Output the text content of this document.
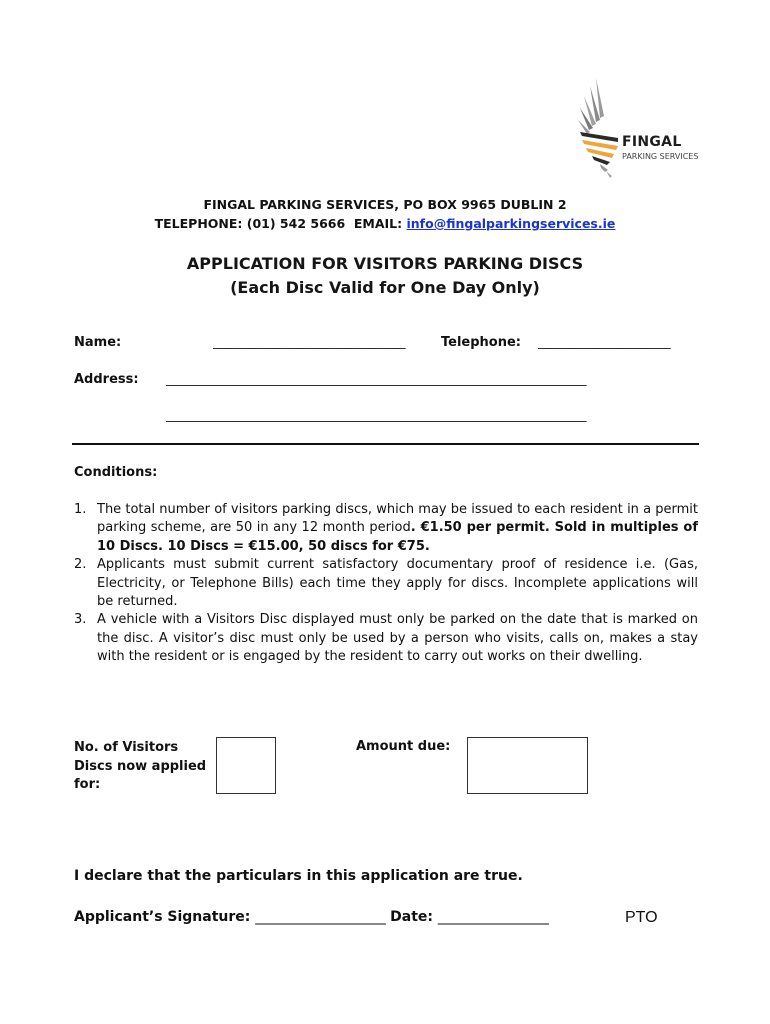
FINGAL
PARKING SERVICES
FINGAL PARKING SERVICES, PO BOX 9965 DUBLIN 2
TELEPHONE: (01) 542 5666  EMAIL: info@fingalparkingservices.ie
APPLICATION FOR VISITORS PARKING DISCS
(Each Disc Valid for One Day Only)
Name:	________________________________	Telephone: ______________________
Address: ______________________________________________________________________
______________________________________________________________________
Conditions:
1. The total number of visitors parking discs, which may be issued to each resident in a permit parking scheme, are 50 in any 12 month period. €1.50 per permit. Sold in multiples of 10 Discs. 10 Discs = €15.00, 50 discs for €75.
2. Applicants must submit current satisfactory documentary proof of residence i.e. (Gas, Electricity, or Telephone Bills) each time they apply for discs. Incomplete applications will be returned.
3. A vehicle with a Visitors Disc displayed must only be parked on the date that is marked on the disc. A visitor’s disc must only be used by a person who visits, calls on, makes a stay with the resident or is engaged by the resident to carry out works on their dwelling.
No. of Visitors
Discs now applied
for:
Amount due:
I declare that the particulars in this application are true.
Applicant’s Signature: ____________________ Date: _________________	PTO
